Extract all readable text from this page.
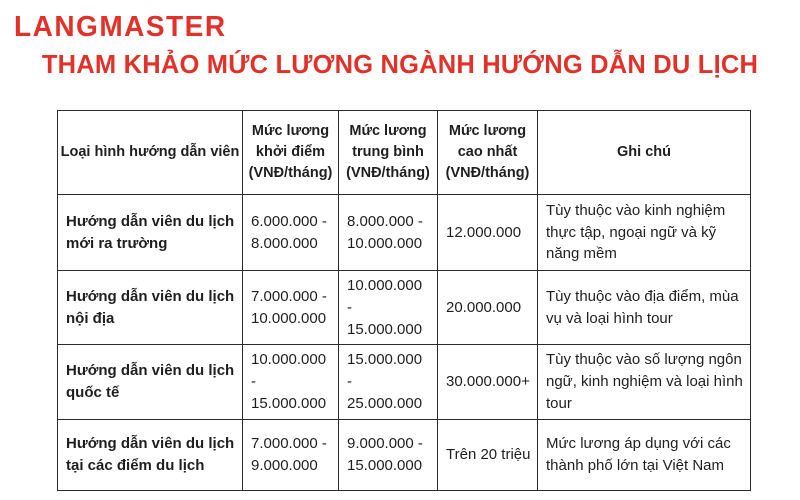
LANGMASTER
THAM KHẢO MỨC LƯƠNG NGÀNH HƯỚNG DẪN DU LỊCH
Loại hình hướng dẫn viên	Mức lương khởi điểm (VNĐ/tháng)	Mức lương trung bình (VNĐ/tháng)	Mức lương cao nhất (VNĐ/tháng)	Ghi chú
Hướng dẫn viên du lịch mới ra trường	6.000.000 - 8.000.000	8.000.000 - 10.000.000	12.000.000	Tùy thuộc vào kinh nghiệm thực tập, ngoại ngữ và kỹ năng mềm
Hướng dẫn viên du lịch nội địa	7.000.000 - 10.000.000	10.000.000 - 15.000.000	20.000.000	Tùy thuộc vào địa điểm, mùa vụ và loại hình tour
Hướng dẫn viên du lịch quốc tế	10.000.000 - 15.000.000	15.000.000 - 25.000.000	30.000.000+	Tùy thuộc vào số lượng ngôn ngữ, kinh nghiệm và loại hình tour
Hướng dẫn viên du lịch tại các điểm du lịch	7.000.000 - 9.000.000	9.000.000 - 15.000.000	Trên 20 triệu	Mức lương áp dụng với các thành phố lớn tại Việt Nam
